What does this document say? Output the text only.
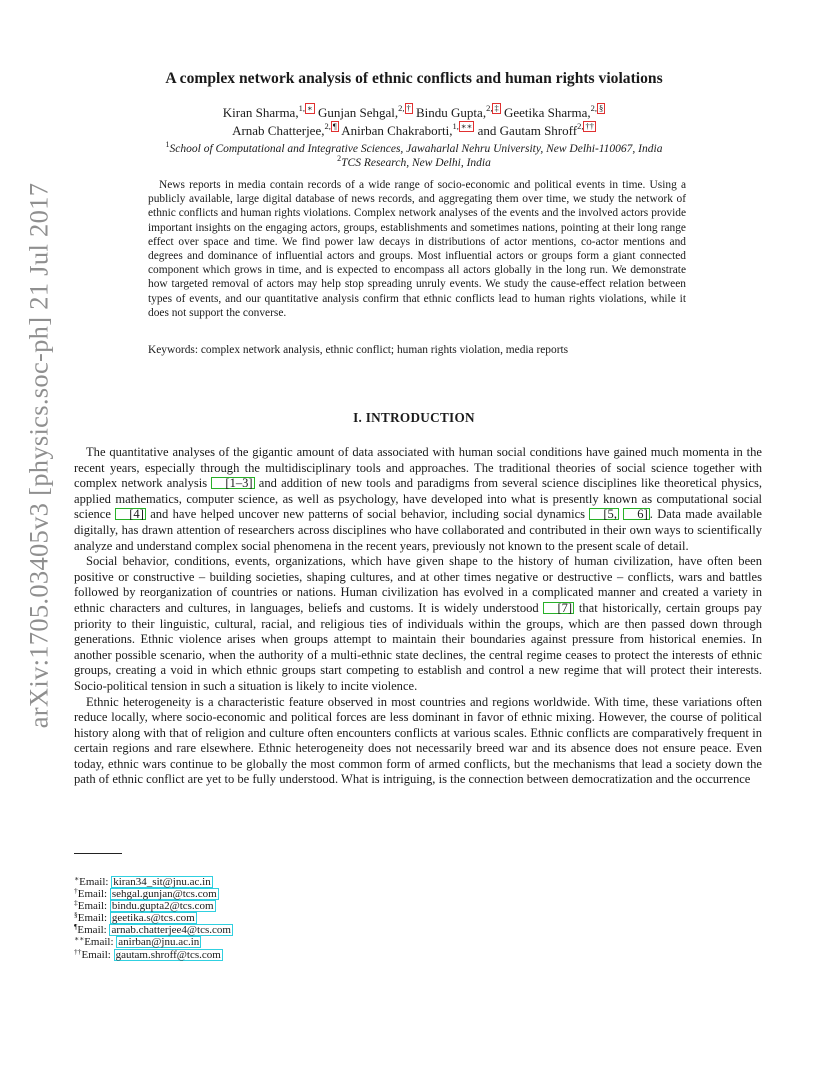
arXiv:1705.03405v3 [physics.soc-ph] 21 Jul 2017
A complex network analysis of ethnic conflicts and human rights violations
Kiran Sharma,$^{1, ∗}$ Gunjan Sehgal,$^{2, \dagger}$ Bindu Gupta,$^{2, \ddagger}$ Geetika Sharma,$^{2, \S}$
Arnab Chatterjee,$^{2, \P}$ Anirban Chakraborti,$^{1, ∗∗}$ and Gautam Shroff$^{2, \dagger\dagger}$
$^1$School of Computational and Integrative Sciences, Jawaharlal Nehru University, New Delhi-110067, India
$^2$TCS Research, New Delhi, India

News reports in media contain records of a wide range of socio-economic and political events in time. Using a publicly available, large digital database of news records, and aggregating them over time, we study the network of ethnic conflicts and human rights violations. Complex network analyses of the events and the involved actors provide important insights on the engaging actors, groups, establishments and sometimes nations, pointing at their long range effect over space and time. We find power law decays in distributions of actor mentions, co-actor mentions and degrees and dominance of influential actors and groups. Most influential actors or groups form a giant connected component which grows in time, and is expected to encompass all actors globally in the long run. We demonstrate how targeted removal of actors may help stop spreading unruly events. We study the cause-effect relation between types of events, and our quantitative analysis confirm that ethnic conflicts lead to human rights violations, while it does not support the converse.

Keywords: complex network analysis, ethnic conflict; human rights violation, media reports

I. INTRODUCTION

The quantitative analyses of the gigantic amount of data associated with human social conditions have gained much momenta in the recent years, especially through the multidisciplinary tools and approaches. The traditional theories of social science together with complex network analysis [1–3] and addition of new tools and paradigms from several science disciplines like theoretical physics, applied mathematics, computer science, as well as psychology, have developed into what is presently known as computational social science [4] and have helped uncover new patterns of social behavior, including social dynamics [5, 6] . Data made available digitally, has drawn attention of researchers across disciplines who have collaborated and contributed in their own ways to scientifically analyze and understand complex social phenomena in the recent years, previously not known to the present scale of detail.

Social behavior, conditions, events, organizations, which have given shape to the history of human civilization, have often been positive or constructive – building societies, shaping cultures, and at other times negative or destructive – conflicts, wars and battles followed by reorganization of countries or nations. Human civilization has evolved in a complicated manner and created a variety in ethnic characters and cultures, in languages, beliefs and customs. It is widely understood [7] that historically, certain groups pay priority to their linguistic, cultural, racial, and religious ties of individuals within the groups, which are then passed down through generations. Ethnic violence arises when groups attempt to maintain their boundaries against pressure from historical enemies. In another possible scenario, when the authority of a multi-ethnic state declines, the central regime ceases to protect the interests of ethnic groups, creating a void in which ethnic groups start competing to establish and control a new regime that will protect their interests. Socio-political tension in such a situation is likely to incite violence.

Ethnic heterogeneity is a characteristic feature observed in most countries and regions worldwide. With time, these variations often reduce locally, where socio-economic and political forces are less dominant in favor of ethnic mixing. However, the course of political history along with that of religion and culture often encounters conflicts at various scales. Ethnic conflicts are comparatively frequent in certain regions and rare elsewhere. Ethnic heterogeneity does not necessarily breed war and its absence does not ensure peace. Even today, ethnic wars continue to be globally the most common form of armed conflicts, but the mechanisms that lead a society down the path of ethnic conflict are yet to be fully understood. What is intriguing, is the connection between democratization and the occurrence

∗Email: kiran34_sit@jnu.ac.in
†Email: sehgal.gunjan@tcs.com
‡Email: bindu.gupta2@tcs.com
§Email: geetika.s@tcs.com
¶Email: arnab.chatterjee4@tcs.com
∗∗Email: anirban@jnu.ac.in
††Email: gautam.shroff@tcs.com
